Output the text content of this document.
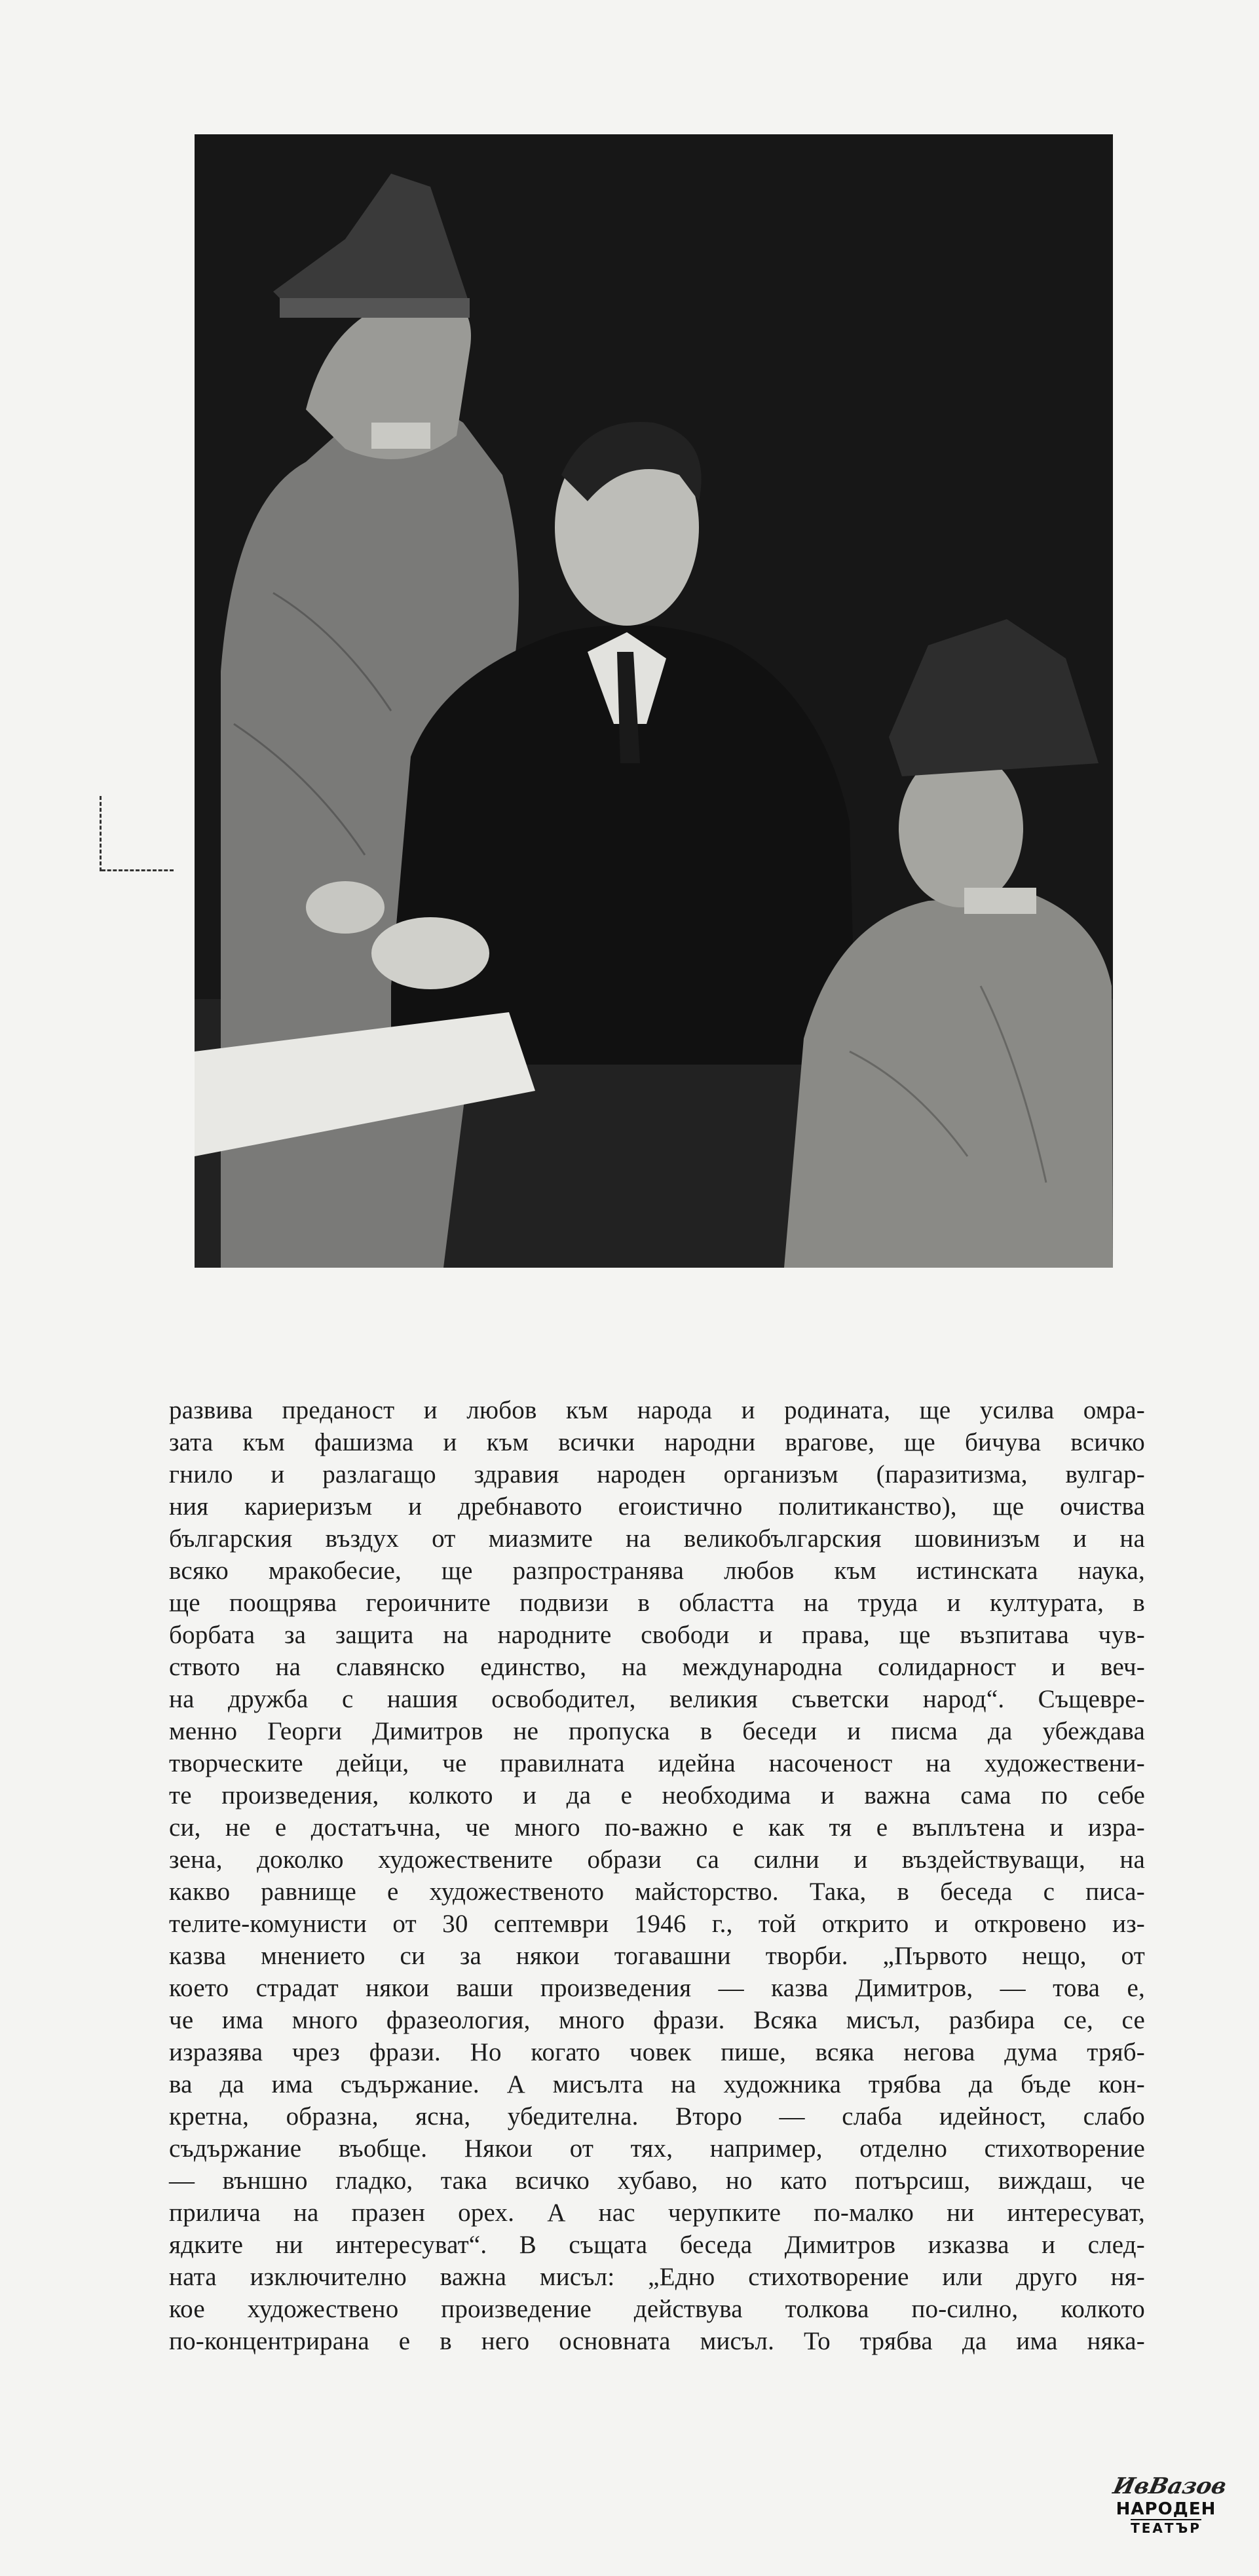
развива преданост и любов към народа и родината, ще усилва омра-
зата към фашизма и към всички народни врагове, ще бичува всичко
гнило и разлагащо здравия народен организъм (паразитизма, вулгар-
ния кариеризъм и дребнавото егоистично политиканство), ще очиства
българския въздух от миазмите на великобългарския шовинизъм и на
всяко мракобесие, ще разпространява любов към истинската наука,
ще поощрява героичните подвизи в областта на труда и културата, в
борбата за защита на народните свободи и права, ще възпитава чув-
ството на славянско единство, на международна солидарност и веч-
на дружба с нашия освободител, великия съветски народ“. Същевре-
менно Георги Димитров не пропуска в беседи и писма да убеждава
творческите дейци, че правилната идейна насоченост на художествени-
те произведения, колкото и да е необходима и важна сама по себе
си, не е достатъчна, че много по-важно е как тя е въплътена и изра-
зена, доколко художествените образи са силни и въздействуващи, на
какво равнище е художественото майсторство. Така, в беседа с писа-
телите-комунисти от 30 септември 1946 г., той открито и откровено из-
казва мнението си за някои тогавашни творби. „Първото нещо, от
което страдат някои ваши произведения — казва Димитров, — това е,
че има много фразеология, много фрази. Всяка мисъл, разбира се, се
изразява чрез фрази. Но когато човек пише, всяка негова дума тряб-
ва да има съдържание. А мисълта на художника трябва да бъде кон-
кретна, образна, ясна, убедителна. Второ — слаба идейност, слабо
съдържание въобще. Някои от тях, например, отделно стихотворение
— външно гладко, така всичко хубаво, но като потърсиш, виждаш, че
прилича на празен орех. А нас черупките по-малко ни интересуват,
ядките ни интересуват“. В същата беседа Димитров изказва и след-
ната изключително важна мисъл: „Едно стихотворение или друго ня-
кое художествено произведение действува толкова по-силно, колкото
по-концентрирана е в него основната мисъл. То трябва да има няка-
ИвВазов
НАРОДЕН
ТЕАТЪР
